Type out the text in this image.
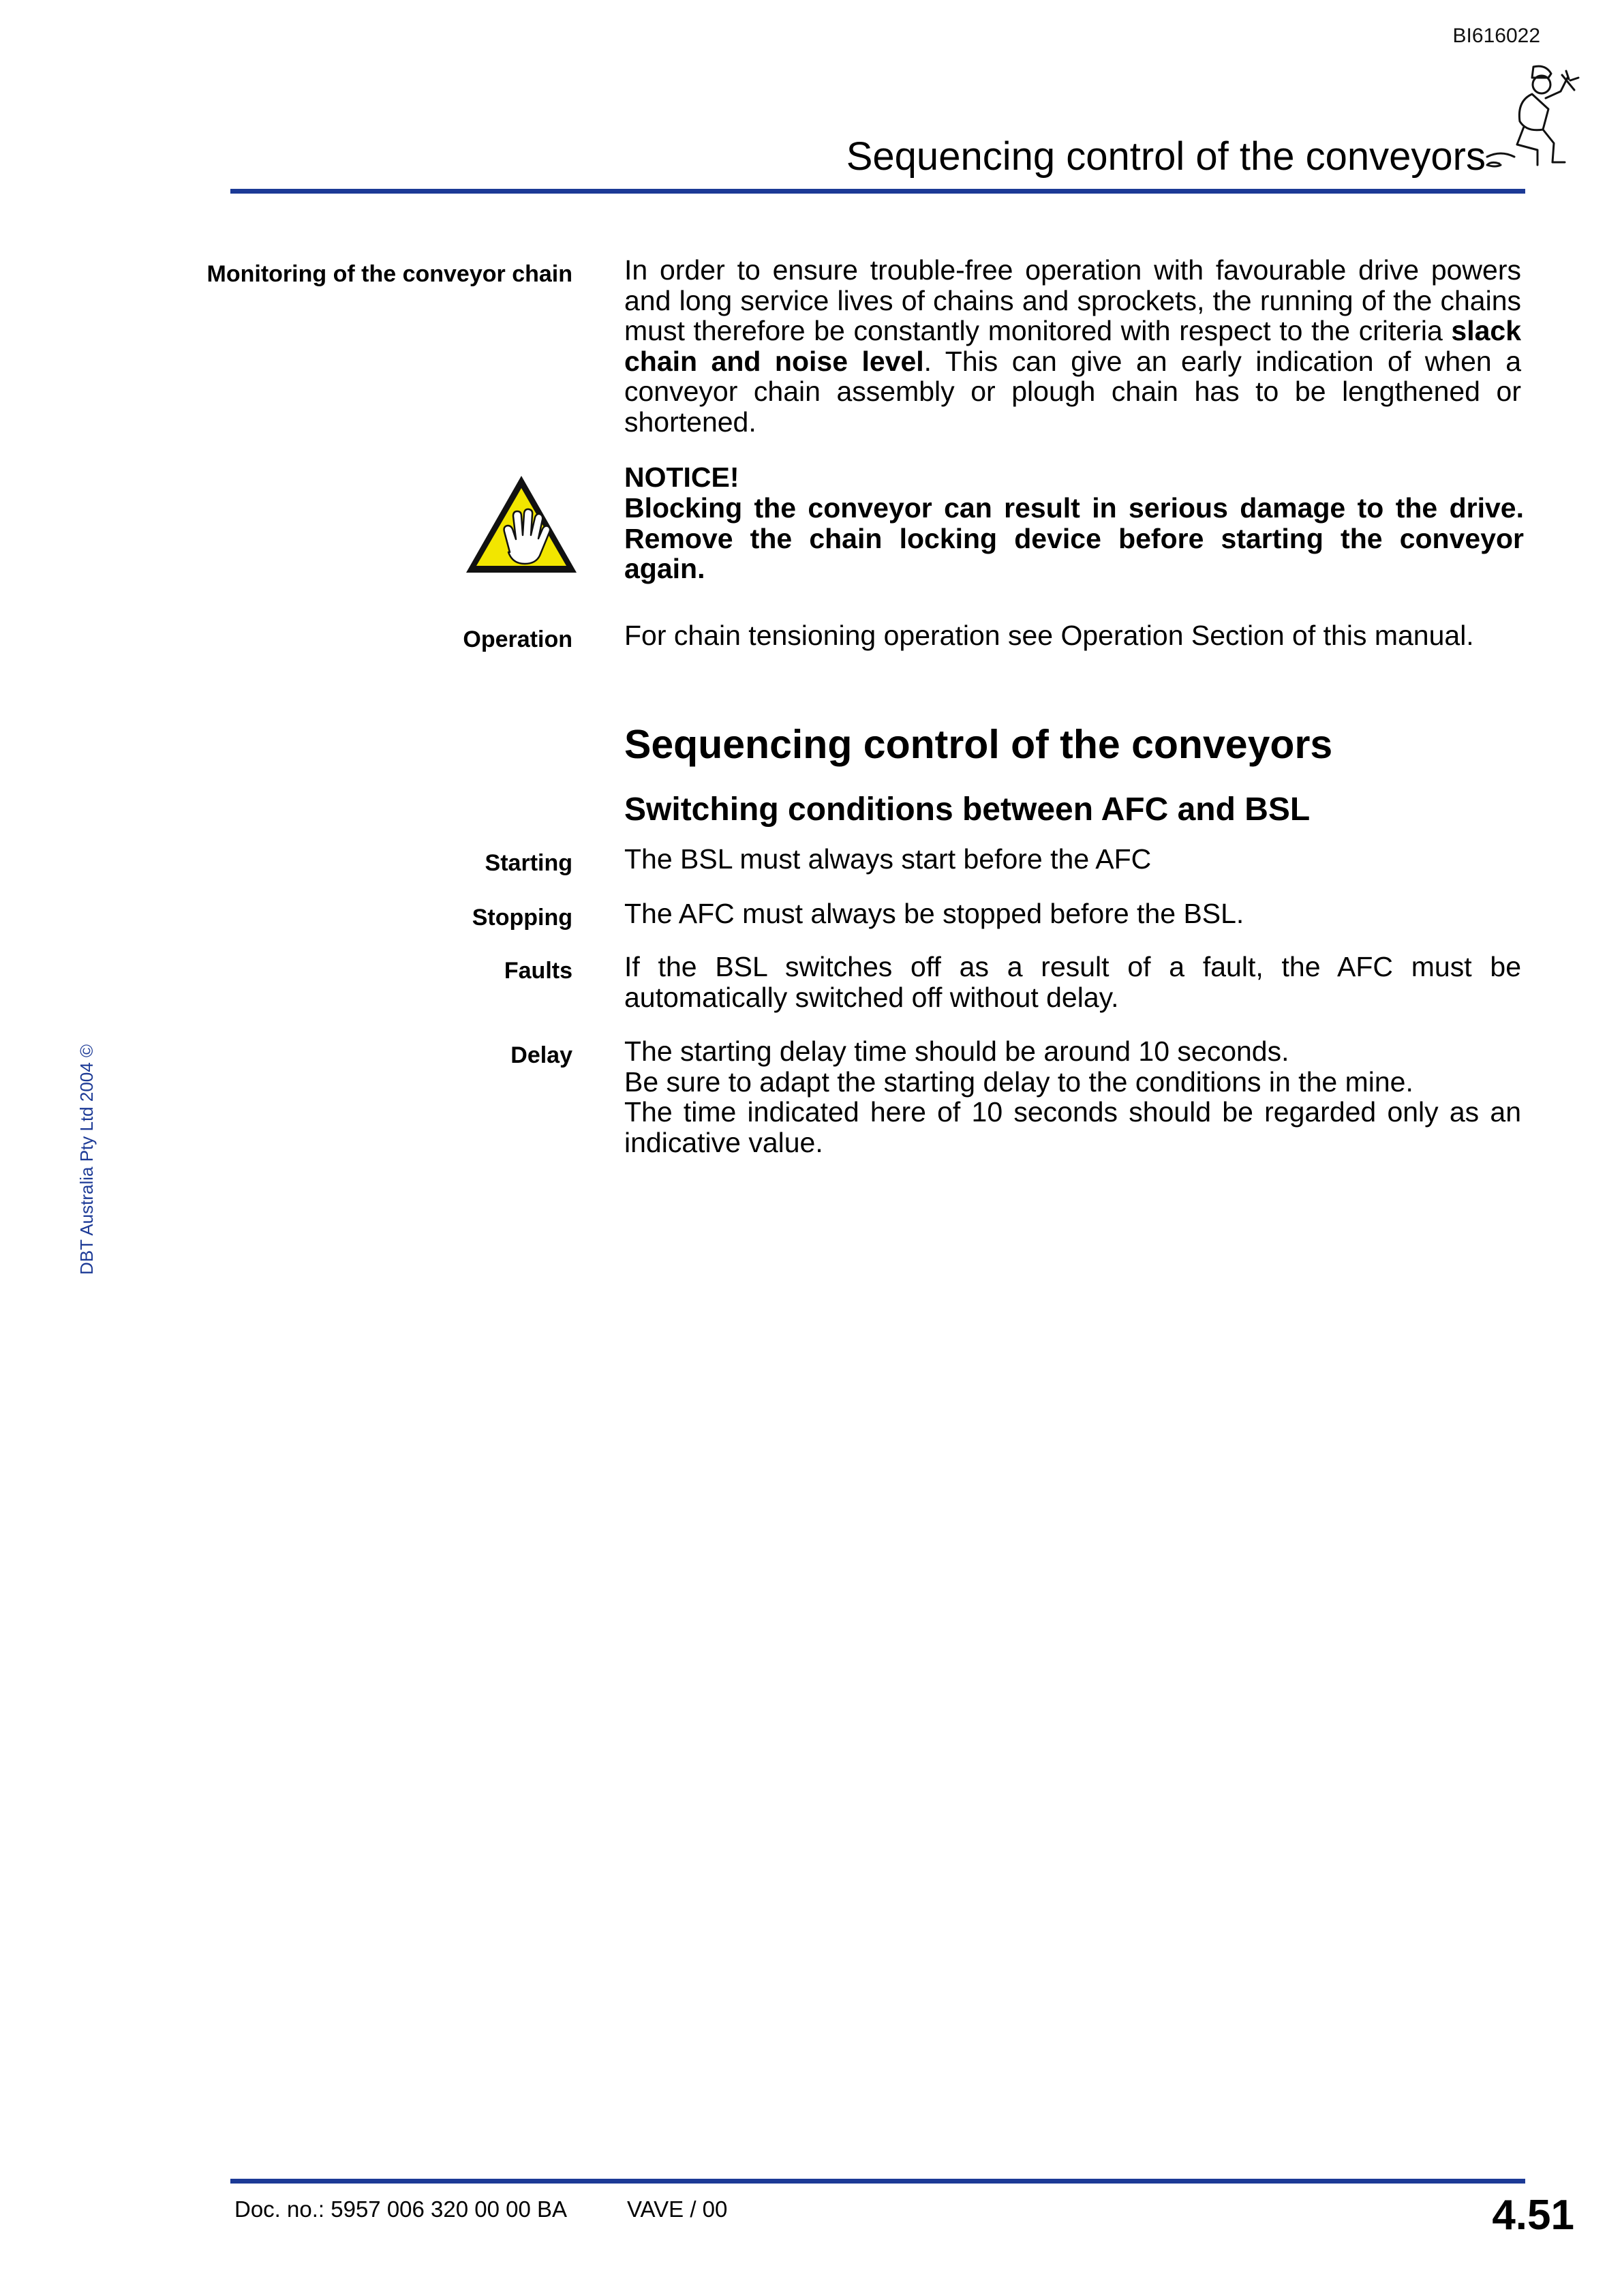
BI616022
Sequencing control of the conveyors
DBT Australia Pty Ltd 2004 ©
Monitoring of the conveyor chain In order to ensure trouble-free operation with favourable drive powers and long service lives of chains and sprockets, the running of the chains must therefore be constantly monitored with respect to the criteria slack chain and noise level. This can give an early indication of when a conveyor chain assembly or plough chain has to be lengthened or shortened.
NOTICE!
Blocking the conveyor can result in serious damage to the drive. Remove the chain locking device before starting the conveyor again.
Operation For chain tensioning operation see Operation Section of this manual.
Sequencing control of the conveyors
Switching conditions between AFC and BSL
Starting The BSL must always start before the AFC
Stopping The AFC must always be stopped before the BSL.
Faults If the BSL switches off as a result of a fault, the AFC must be automatically switched off without delay.
Delay The starting delay time should be around 10 seconds.
Be sure to adapt the starting delay to the conditions in the mine.
The time indicated here of 10 seconds should be regarded only as an indicative value.
Doc. no.: 5957 006 320 00 00 BA	VAVE / 00	4.51
